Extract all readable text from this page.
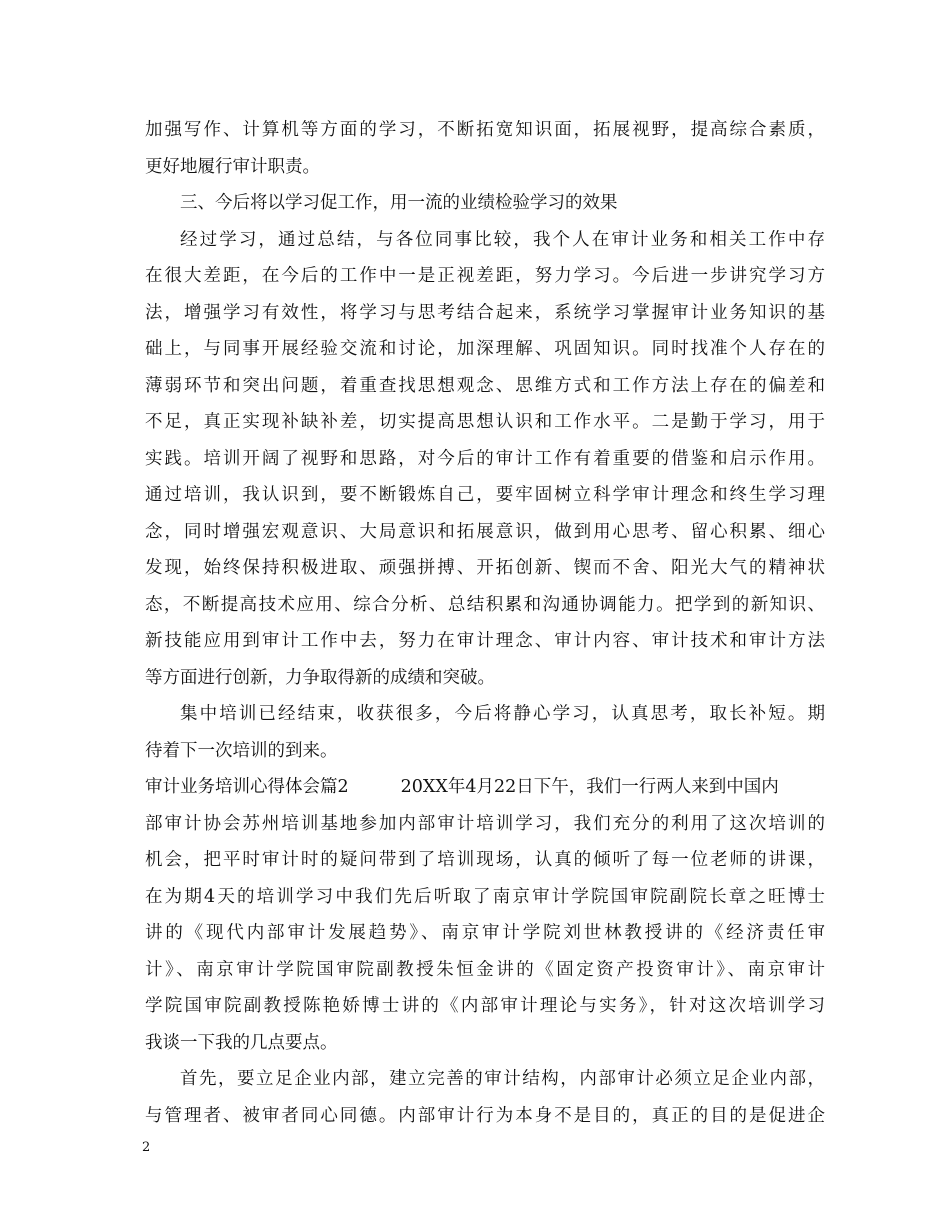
加强写作、计算机等方面的学习，不断拓宽知识面，拓展视野，提高综合素质，
更好地履行审计职责。
三、今后将以学习促工作，用一流的业绩检验学习的效果
经过学习，通过总结，与各位同事比较，我个人在审计业务和相关工作中存
在很大差距，在今后的工作中一是正视差距，努力学习。今后进一步讲究学习方
法，增强学习有效性，将学习与思考结合起来，系统学习掌握审计业务知识的基
础上，与同事开展经验交流和讨论，加深理解、巩固知识。同时找准个人存在的
薄弱环节和突出问题，着重查找思想观念、思维方式和工作方法上存在的偏差和
不足，真正实现补缺补差，切实提高思想认识和工作水平。二是勤于学习，用于
实践。培训开阔了视野和思路，对今后的审计工作有着重要的借鉴和启示作用。
通过培训，我认识到，要不断锻炼自己，要牢固树立科学审计理念和终生学习理
念，同时增强宏观意识、大局意识和拓展意识，做到用心思考、留心积累、细心
发现，始终保持积极进取、顽强拼搏、开拓创新、锲而不舍、阳光大气的精神状
态，不断提高技术应用、综合分析、总结积累和沟通协调能力。把学到的新知识、
新技能应用到审计工作中去，努力在审计理念、审计内容、审计技术和审计方法
等方面进行创新，力争取得新的成绩和突破。
集中培训已经结束，收获很多，今后将静心学习，认真思考，取长补短。期
待着下一次培训的到来。
审计业务培训心得体会篇2	20XX年4月22日下午，我们一行两人来到中国内
部审计协会苏州培训基地参加内部审计培训学习，我们充分的利用了这次培训的
机会，把平时审计时的疑问带到了培训现场，认真的倾听了每一位老师的讲课，
在为期4天的培训学习中我们先后听取了南京审计学院国审院副院长章之旺博士
讲的《现代内部审计发展趋势》、南京审计学院刘世林教授讲的《经济责任审
计》、南京审计学院国审院副教授朱恒金讲的《固定资产投资审计》、南京审计
学院国审院副教授陈艳娇博士讲的《内部审计理论与实务》，针对这次培训学习
我谈一下我的几点要点。
首先，要立足企业内部，建立完善的审计结构，内部审计必须立足企业内部，
与管理者、被审者同心同德。内部审计行为本身不是目的，真正的目的是促进企
2
